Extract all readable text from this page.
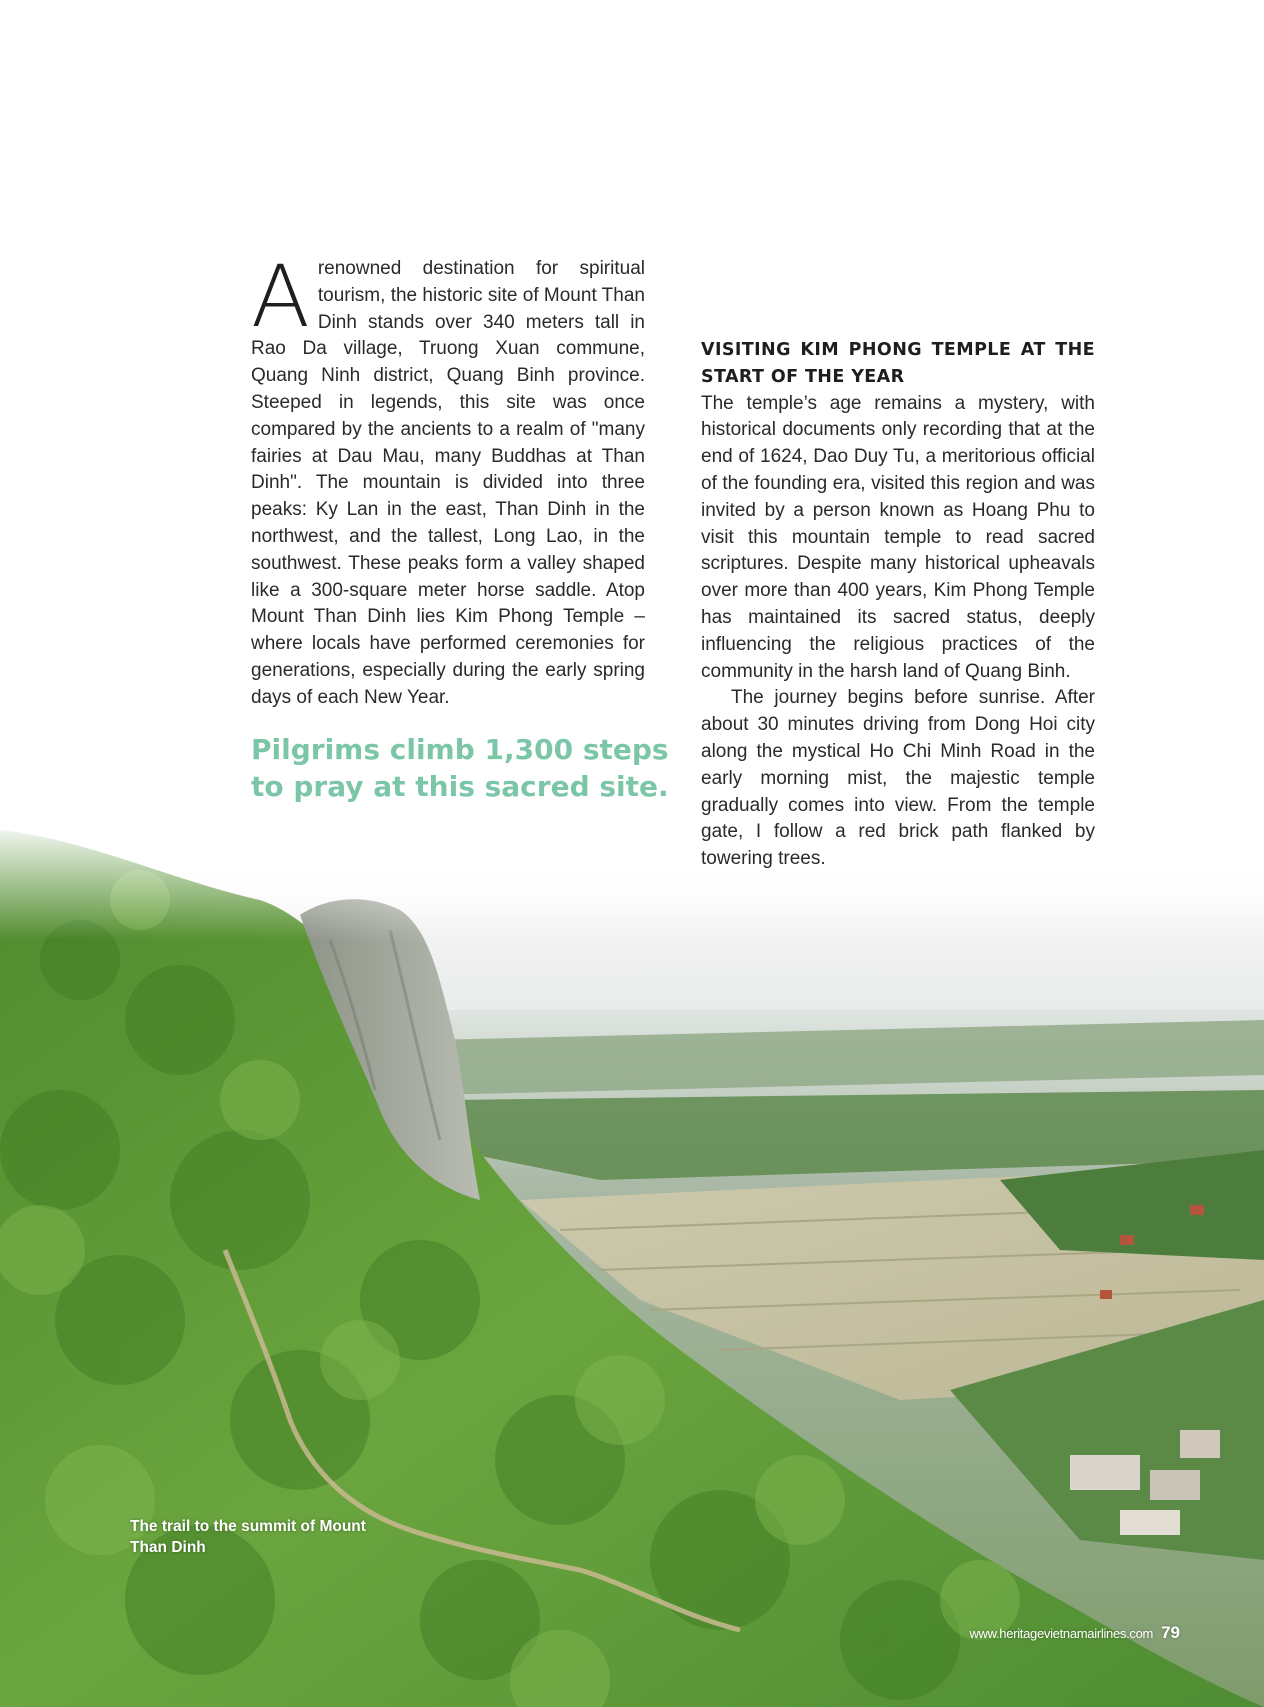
A renowned destination for spiritual tourism, the historic site of Mount Than Dinh stands over 340 meters tall in Rao Da village, Truong Xuan commune, Quang Ninh district, Quang Binh province. Steeped in legends, this site was once compared by the ancients to a realm of "many fairies at Dau Mau, many Buddhas at Than Dinh". The mountain is divided into three peaks: Ky Lan in the east, Than Dinh in the northwest, and the tallest, Long Lao, in the southwest. These peaks form a valley shaped like a 300-square meter horse saddle. Atop Mount Than Dinh lies Kim Phong Temple –where locals have performed ceremonies for generations, especially during the early spring days of each New Year.

Pilgrims climb 1,300 steps to pray at this sacred site.
VISITING KIM PHONG TEMPLE AT THE START OF THE YEAR

The temple’s age remains a mystery, with historical documents only recording that at the end of 1624, Dao Duy Tu, a meritorious official of the founding era, visited this region and was invited by a person known as Hoang Phu to visit this mountain temple to read sacred scriptures. Despite many historical upheavals over more than 400 years, Kim Phong Temple has maintained its sacred status, deeply influencing the religious practices of the community in the harsh land of Quang Binh.

The journey begins before sunrise. After about 30 minutes driving from Dong Hoi city along the mystical Ho Chi Minh Road in the early morning mist, the majestic temple gradually comes into view. From the temple gate, I follow a red brick path flanked by towering trees.

The trail to the summit of Mount Than Dinh
www.heritagevietnamairlines.com 79
